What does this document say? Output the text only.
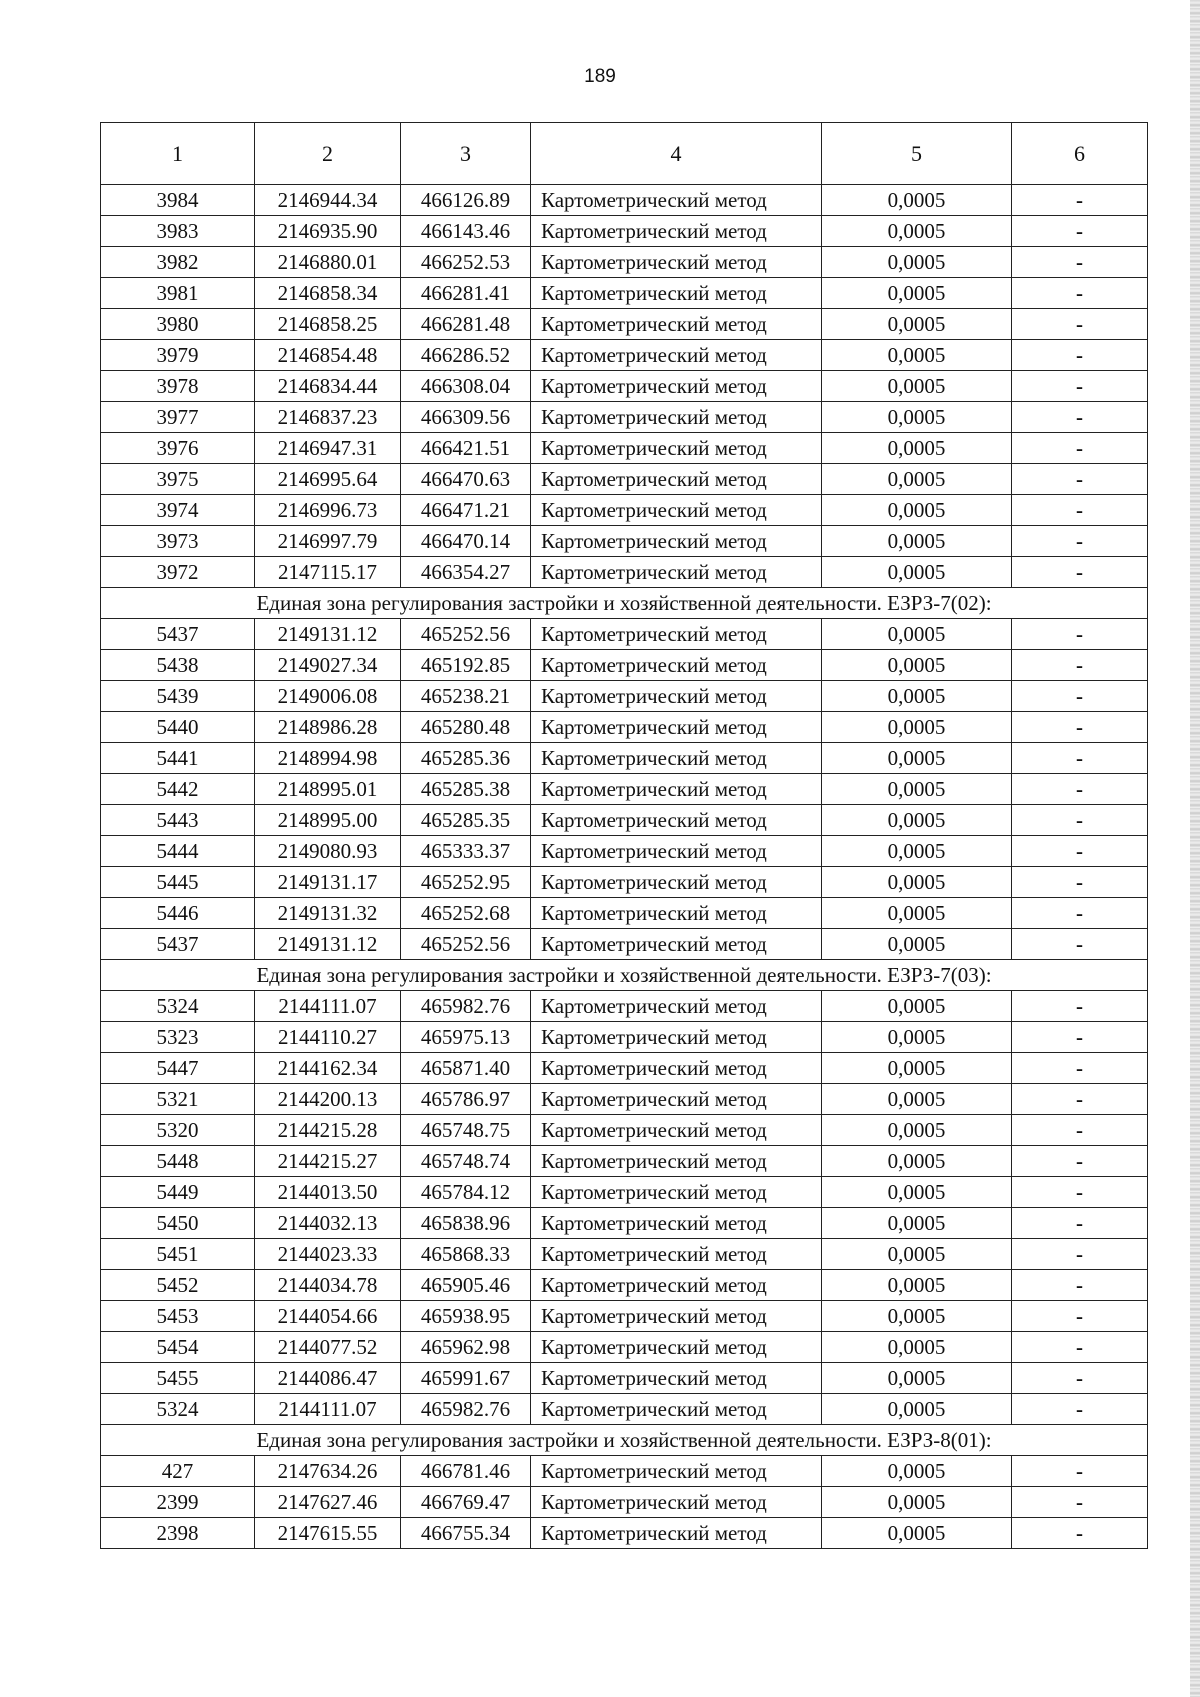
189
1	2	3	4	5	6
3984	2146944.34	466126.89	Картометрический метод	0,0005	-
3983	2146935.90	466143.46	Картометрический метод	0,0005	-
3982	2146880.01	466252.53	Картометрический метод	0,0005	-
3981	2146858.34	466281.41	Картометрический метод	0,0005	-
3980	2146858.25	466281.48	Картометрический метод	0,0005	-
3979	2146854.48	466286.52	Картометрический метод	0,0005	-
3978	2146834.44	466308.04	Картометрический метод	0,0005	-
3977	2146837.23	466309.56	Картометрический метод	0,0005	-
3976	2146947.31	466421.51	Картометрический метод	0,0005	-
3975	2146995.64	466470.63	Картометрический метод	0,0005	-
3974	2146996.73	466471.21	Картометрический метод	0,0005	-
3973	2146997.79	466470.14	Картометрический метод	0,0005	-
3972	2147115.17	466354.27	Картометрический метод	0,0005	-
Единая зона регулирования застройки и хозяйственной деятельности. ЕЗРЗ-7(02):					
5437	2149131.12	465252.56	Картометрический метод	0,0005	-
5438	2149027.34	465192.85	Картометрический метод	0,0005	-
5439	2149006.08	465238.21	Картометрический метод	0,0005	-
5440	2148986.28	465280.48	Картометрический метод	0,0005	-
5441	2148994.98	465285.36	Картометрический метод	0,0005	-
5442	2148995.01	465285.38	Картометрический метод	0,0005	-
5443	2148995.00	465285.35	Картометрический метод	0,0005	-
5444	2149080.93	465333.37	Картометрический метод	0,0005	-
5445	2149131.17	465252.95	Картометрический метод	0,0005	-
5446	2149131.32	465252.68	Картометрический метод	0,0005	-
5437	2149131.12	465252.56	Картометрический метод	0,0005	-
Единая зона регулирования застройки и хозяйственной деятельности. ЕЗРЗ-7(03):					
5324	2144111.07	465982.76	Картометрический метод	0,0005	-
5323	2144110.27	465975.13	Картометрический метод	0,0005	-
5447	2144162.34	465871.40	Картометрический метод	0,0005	-
5321	2144200.13	465786.97	Картометрический метод	0,0005	-
5320	2144215.28	465748.75	Картометрический метод	0,0005	-
5448	2144215.27	465748.74	Картометрический метод	0,0005	-
5449	2144013.50	465784.12	Картометрический метод	0,0005	-
5450	2144032.13	465838.96	Картометрический метод	0,0005	-
5451	2144023.33	465868.33	Картометрический метод	0,0005	-
5452	2144034.78	465905.46	Картометрический метод	0,0005	-
5453	2144054.66	465938.95	Картометрический метод	0,0005	-
5454	2144077.52	465962.98	Картометрический метод	0,0005	-
5455	2144086.47	465991.67	Картометрический метод	0,0005	-
5324	2144111.07	465982.76	Картометрический метод	0,0005	-
Единая зона регулирования застройки и хозяйственной деятельности. ЕЗРЗ-8(01):					
427	2147634.26	466781.46	Картометрический метод	0,0005	-
2399	2147627.46	466769.47	Картометрический метод	0,0005	-
2398	2147615.55	466755.34	Картометрический метод	0,0005	-
